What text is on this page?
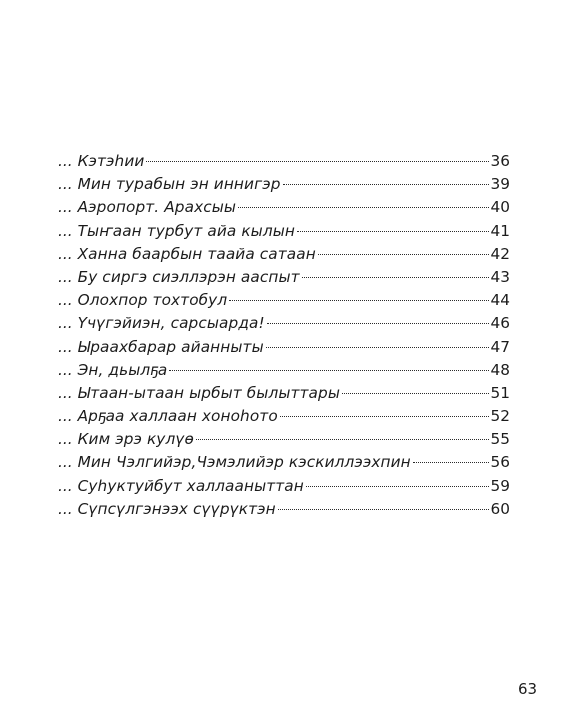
... Кэтэһии	36
... Мин турабын эн иннигэр	39
... Аэропорт. Арахсыы	40
... Тыҥаан турбут айа кылын	41
... Ханна баарбын таайа сатаан	42
... Бу сиргэ сиэллэрэн ааспыт	43
... Олохпор тохтобул	44
... Үчүгэйиэн, сарсыарда!	46
... Ыраахбарар айанныты	47
... Эн, дьылҕа	48
... Ытаан-ытаан ырбыт былыттары	51
... Арҕаа халлаан хонoһото	52
... Ким эрэ кулүө	55
... Мин Чэлгийэр,Чэмэлийэр кэскиллээхпин	56
... Суһуктуйбут халлааныттан	59
... Сүпсүлгэнээх сүүрүктэн	60
63
